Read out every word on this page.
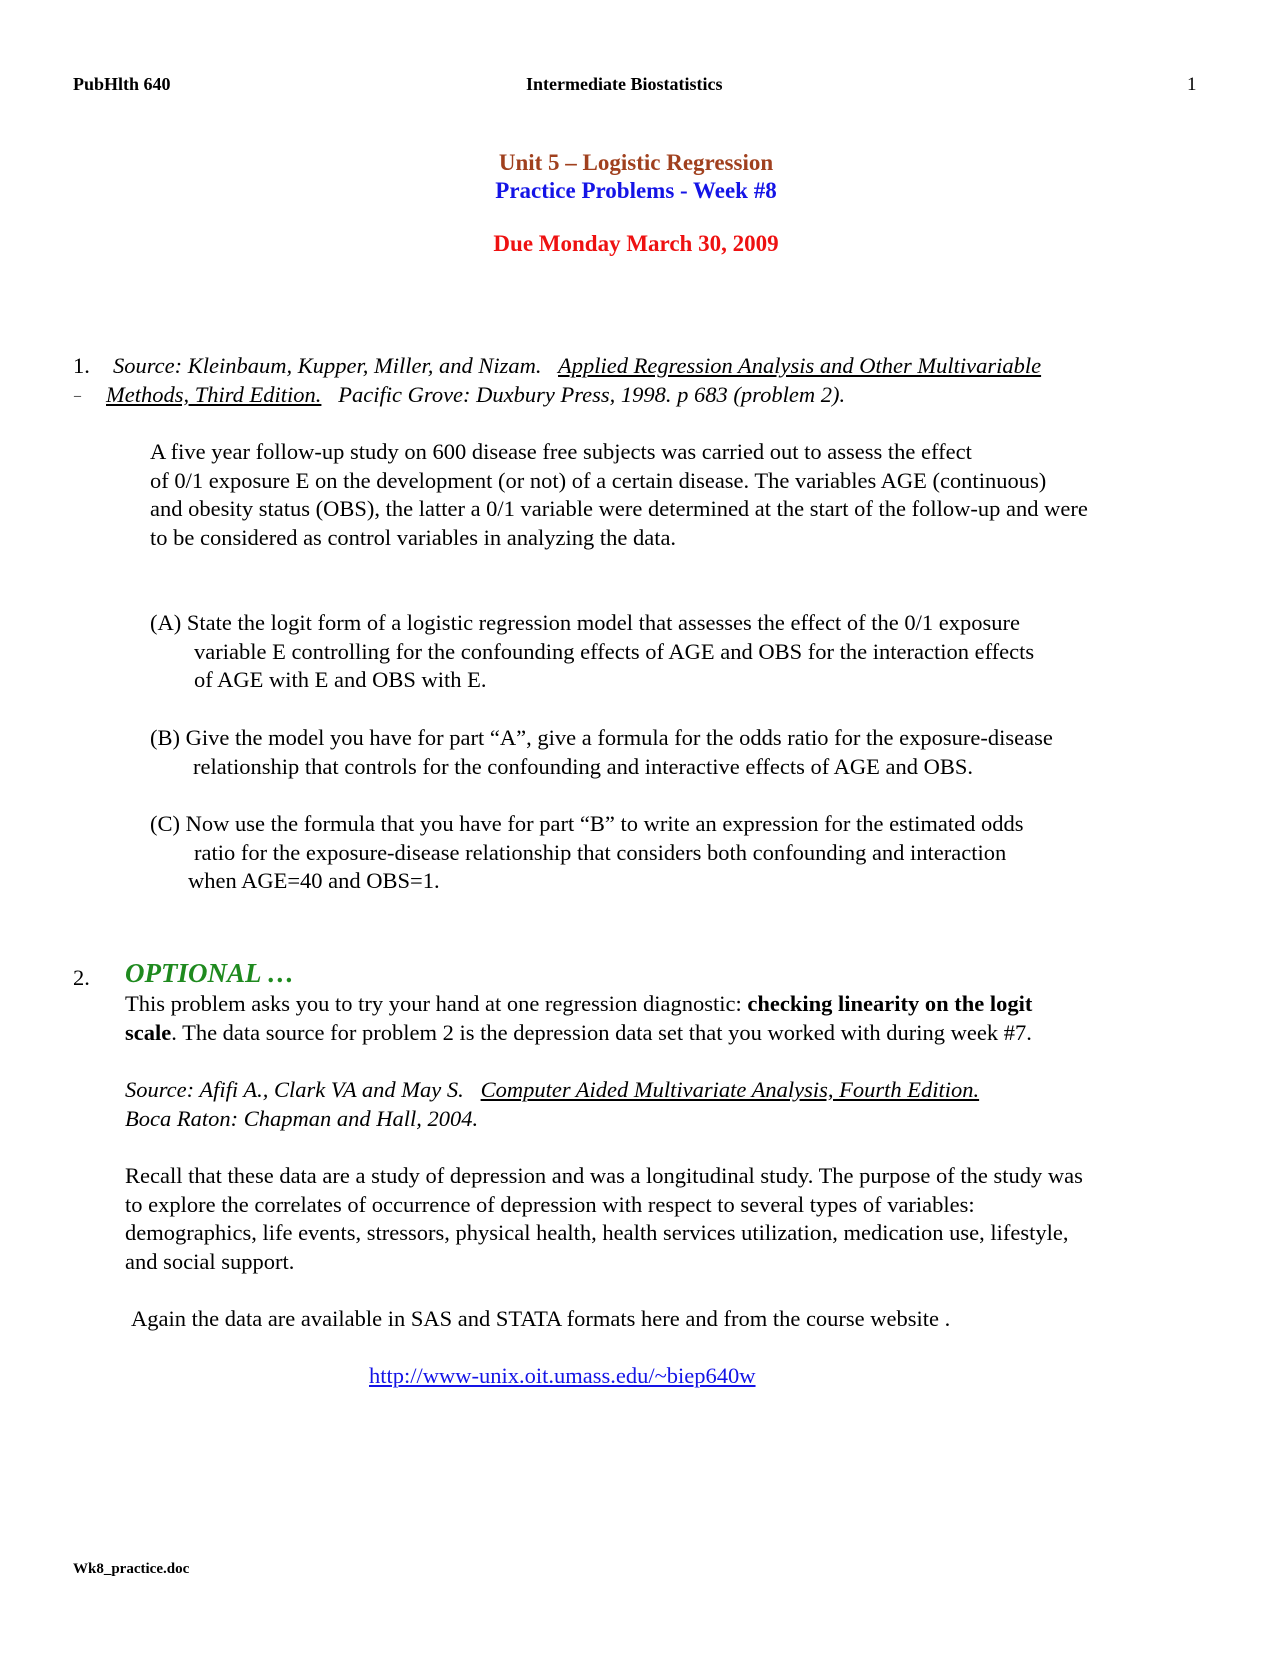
PubHlth 640	Intermediate Biostatistics	1
Unit 5 – Logistic Regression
Practice Problems - Week #8
Due Monday March 30, 2009
1. Source: Kleinbaum, Kupper, Miller, and Nizam. Applied Regression Analysis and Other Multivariable
_ Methods, Third Edition. Pacific Grove: Duxbury Press, 1998. p 683 (problem 2).
A five year follow-up study on 600 disease free subjects was carried out to assess the effect
of 0/1 exposure E on the development (or not) of a certain disease. The variables AGE (continuous)
and obesity status (OBS), the latter a 0/1 variable were determined at the start of the follow-up and were
to be considered as control variables in analyzing the data.
(A) State the logit form of a logistic regression model that assesses the effect of the 0/1 exposure
variable E controlling for the confounding effects of AGE and OBS for the interaction effects
of AGE with E and OBS with E.
(B) Give the model you have for part “A”, give a formula for the odds ratio for the exposure-disease
relationship that controls for the confounding and interactive effects of AGE and OBS.
(C) Now use the formula that you have for part “B” to write an expression for the estimated odds
ratio for the exposure-disease relationship that considers both confounding and interaction
when AGE=40 and OBS=1.
2. OPTIONAL …
This problem asks you to try your hand at one regression diagnostic: checking linearity on the logit
scale. The data source for problem 2 is the depression data set that you worked with during week #7.
Source: Afifi A., Clark VA and May S. Computer Aided Multivariate Analysis, Fourth Edition.
Boca Raton: Chapman and Hall, 2004.
Recall that these data are a study of depression and was a longitudinal study. The purpose of the study was
to explore the correlates of occurrence of depression with respect to several types of variables:
demographics, life events, stressors, physical health, health services utilization, medication use, lifestyle,
and social support.
Again the data are available in SAS and STATA formats here and from the course website .
http://www-unix.oit.umass.edu/~biep640w
Wk8_practice.doc
